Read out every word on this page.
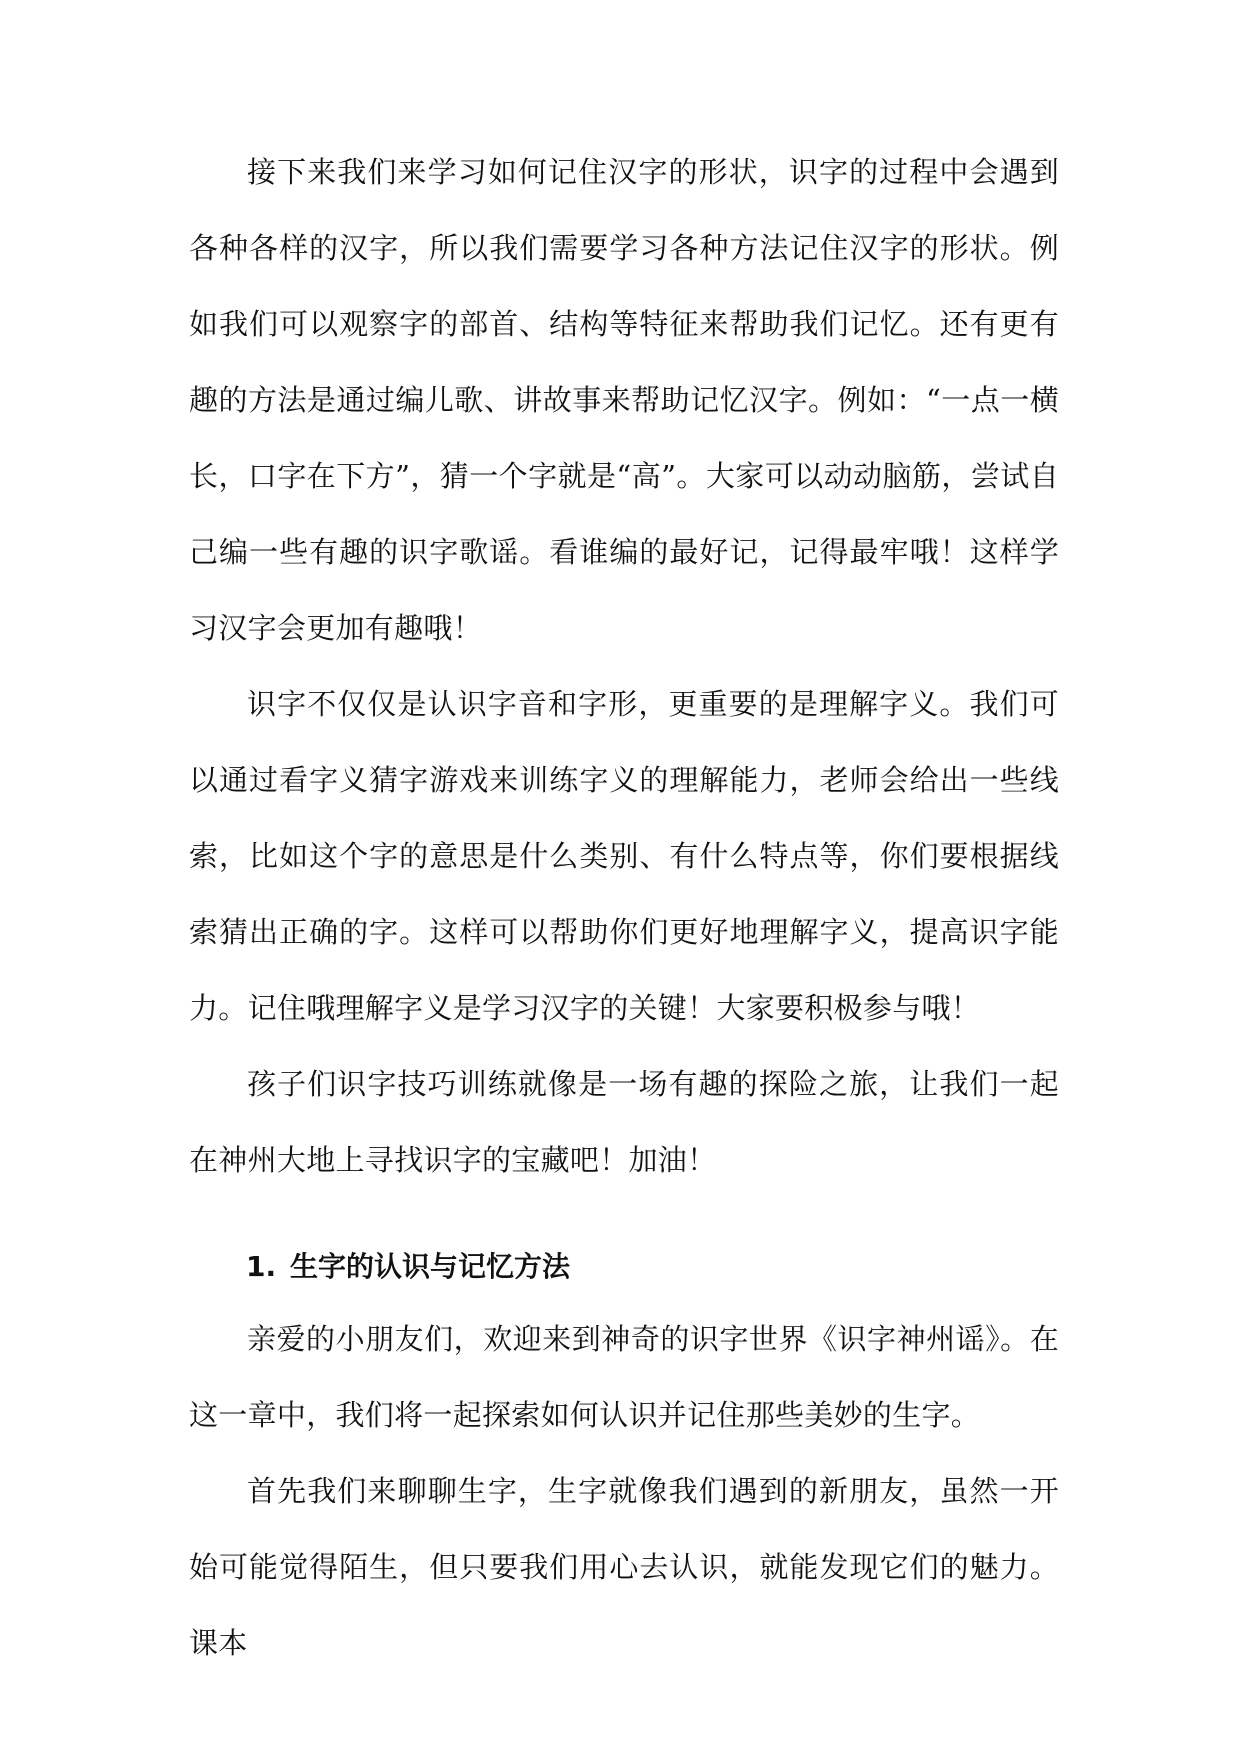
接下来我们来学习如何记住汉字的形状，识字的过程中会遇到各种各样的汉字，所以我们需要学习各种方法记住汉字的形状。例如我们可以观察字的部首、结构等特征来帮助我们记忆。还有更有趣的方法是通过编儿歌、讲故事来帮助记忆汉字。例如：“一点一横长，口字在下方”，猜一个字就是“高”。大家可以动动脑筋，尝试自己编一些有趣的识字歌谣。看谁编的最好记，记得最牢哦！这样学习汉字会更加有趣哦！

识字不仅仅是认识字音和字形，更重要的是理解字义。我们可以通过看字义猜字游戏来训练字义的理解能力，老师会给出一些线索，比如这个字的意思是什么类别、有什么特点等，你们要根据线索猜出正确的字。这样可以帮助你们更好地理解字义，提高识字能力。记住哦理解字义是学习汉字的关键！大家要积极参与哦！

孩子们识字技巧训练就像是一场有趣的探险之旅，让我们一起在神州大地上寻找识字的宝藏吧！加油！

1. 生字的认识与记忆方法

亲爱的小朋友们，欢迎来到神奇的识字世界《识字神州谣》。在这一章中，我们将一起探索如何认识并记住那些美妙的生字。

首先我们来聊聊生字，生字就像我们遇到的新朋友，虽然一开始可能觉得陌生，但只要我们用心去认识，就能发现它们的魅力。课本
